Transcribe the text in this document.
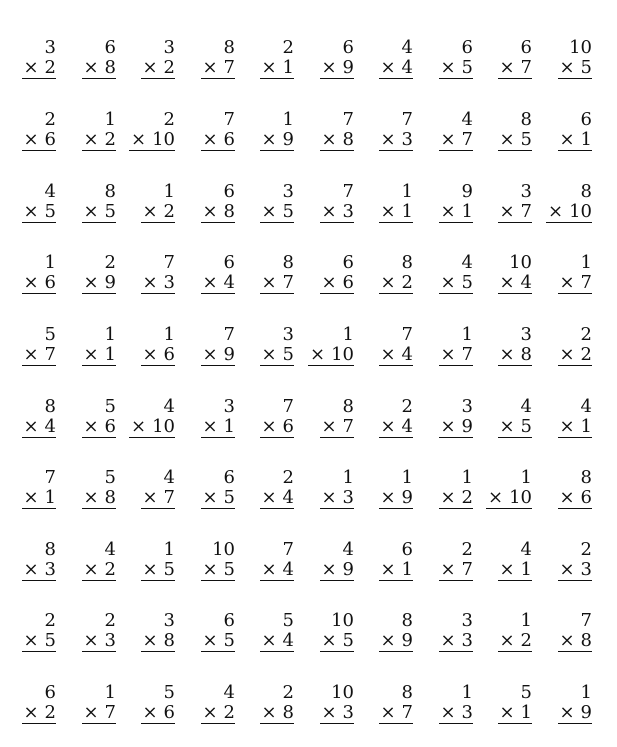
3
× 2
6
× 8
3
× 2
8
× 7
2
× 1
6
× 9
4
× 4
6
× 5
6
× 7
10
× 5
2
× 6
1
× 2
2
× 10
7
× 6
1
× 9
7
× 8
7
× 3
4
× 7
8
× 5
6
× 1
4
× 5
8
× 5
1
× 2
6
× 8
3
× 5
7
× 3
1
× 1
9
× 1
3
× 7
8
× 10
1
× 6
2
× 9
7
× 3
6
× 4
8
× 7
6
× 6
8
× 2
4
× 5
10
× 4
1
× 7
5
× 7
1
× 1
1
× 6
7
× 9
3
× 5
1
× 10
7
× 4
1
× 7
3
× 8
2
× 2
8
× 4
5
× 6
4
× 10
3
× 1
7
× 6
8
× 7
2
× 4
3
× 9
4
× 5
4
× 1
7
× 1
5
× 8
4
× 7
6
× 5
2
× 4
1
× 3
1
× 9
1
× 2
1
× 10
8
× 6
8
× 3
4
× 2
1
× 5
10
× 5
7
× 4
4
× 9
6
× 1
2
× 7
4
× 1
2
× 3
2
× 5
2
× 3
3
× 8
6
× 5
5
× 4
10
× 5
8
× 9
3
× 3
1
× 2
7
× 8
6
× 2
1
× 7
5
× 6
4
× 2
2
× 8
10
× 3
8
× 7
1
× 3
5
× 1
1
× 9
